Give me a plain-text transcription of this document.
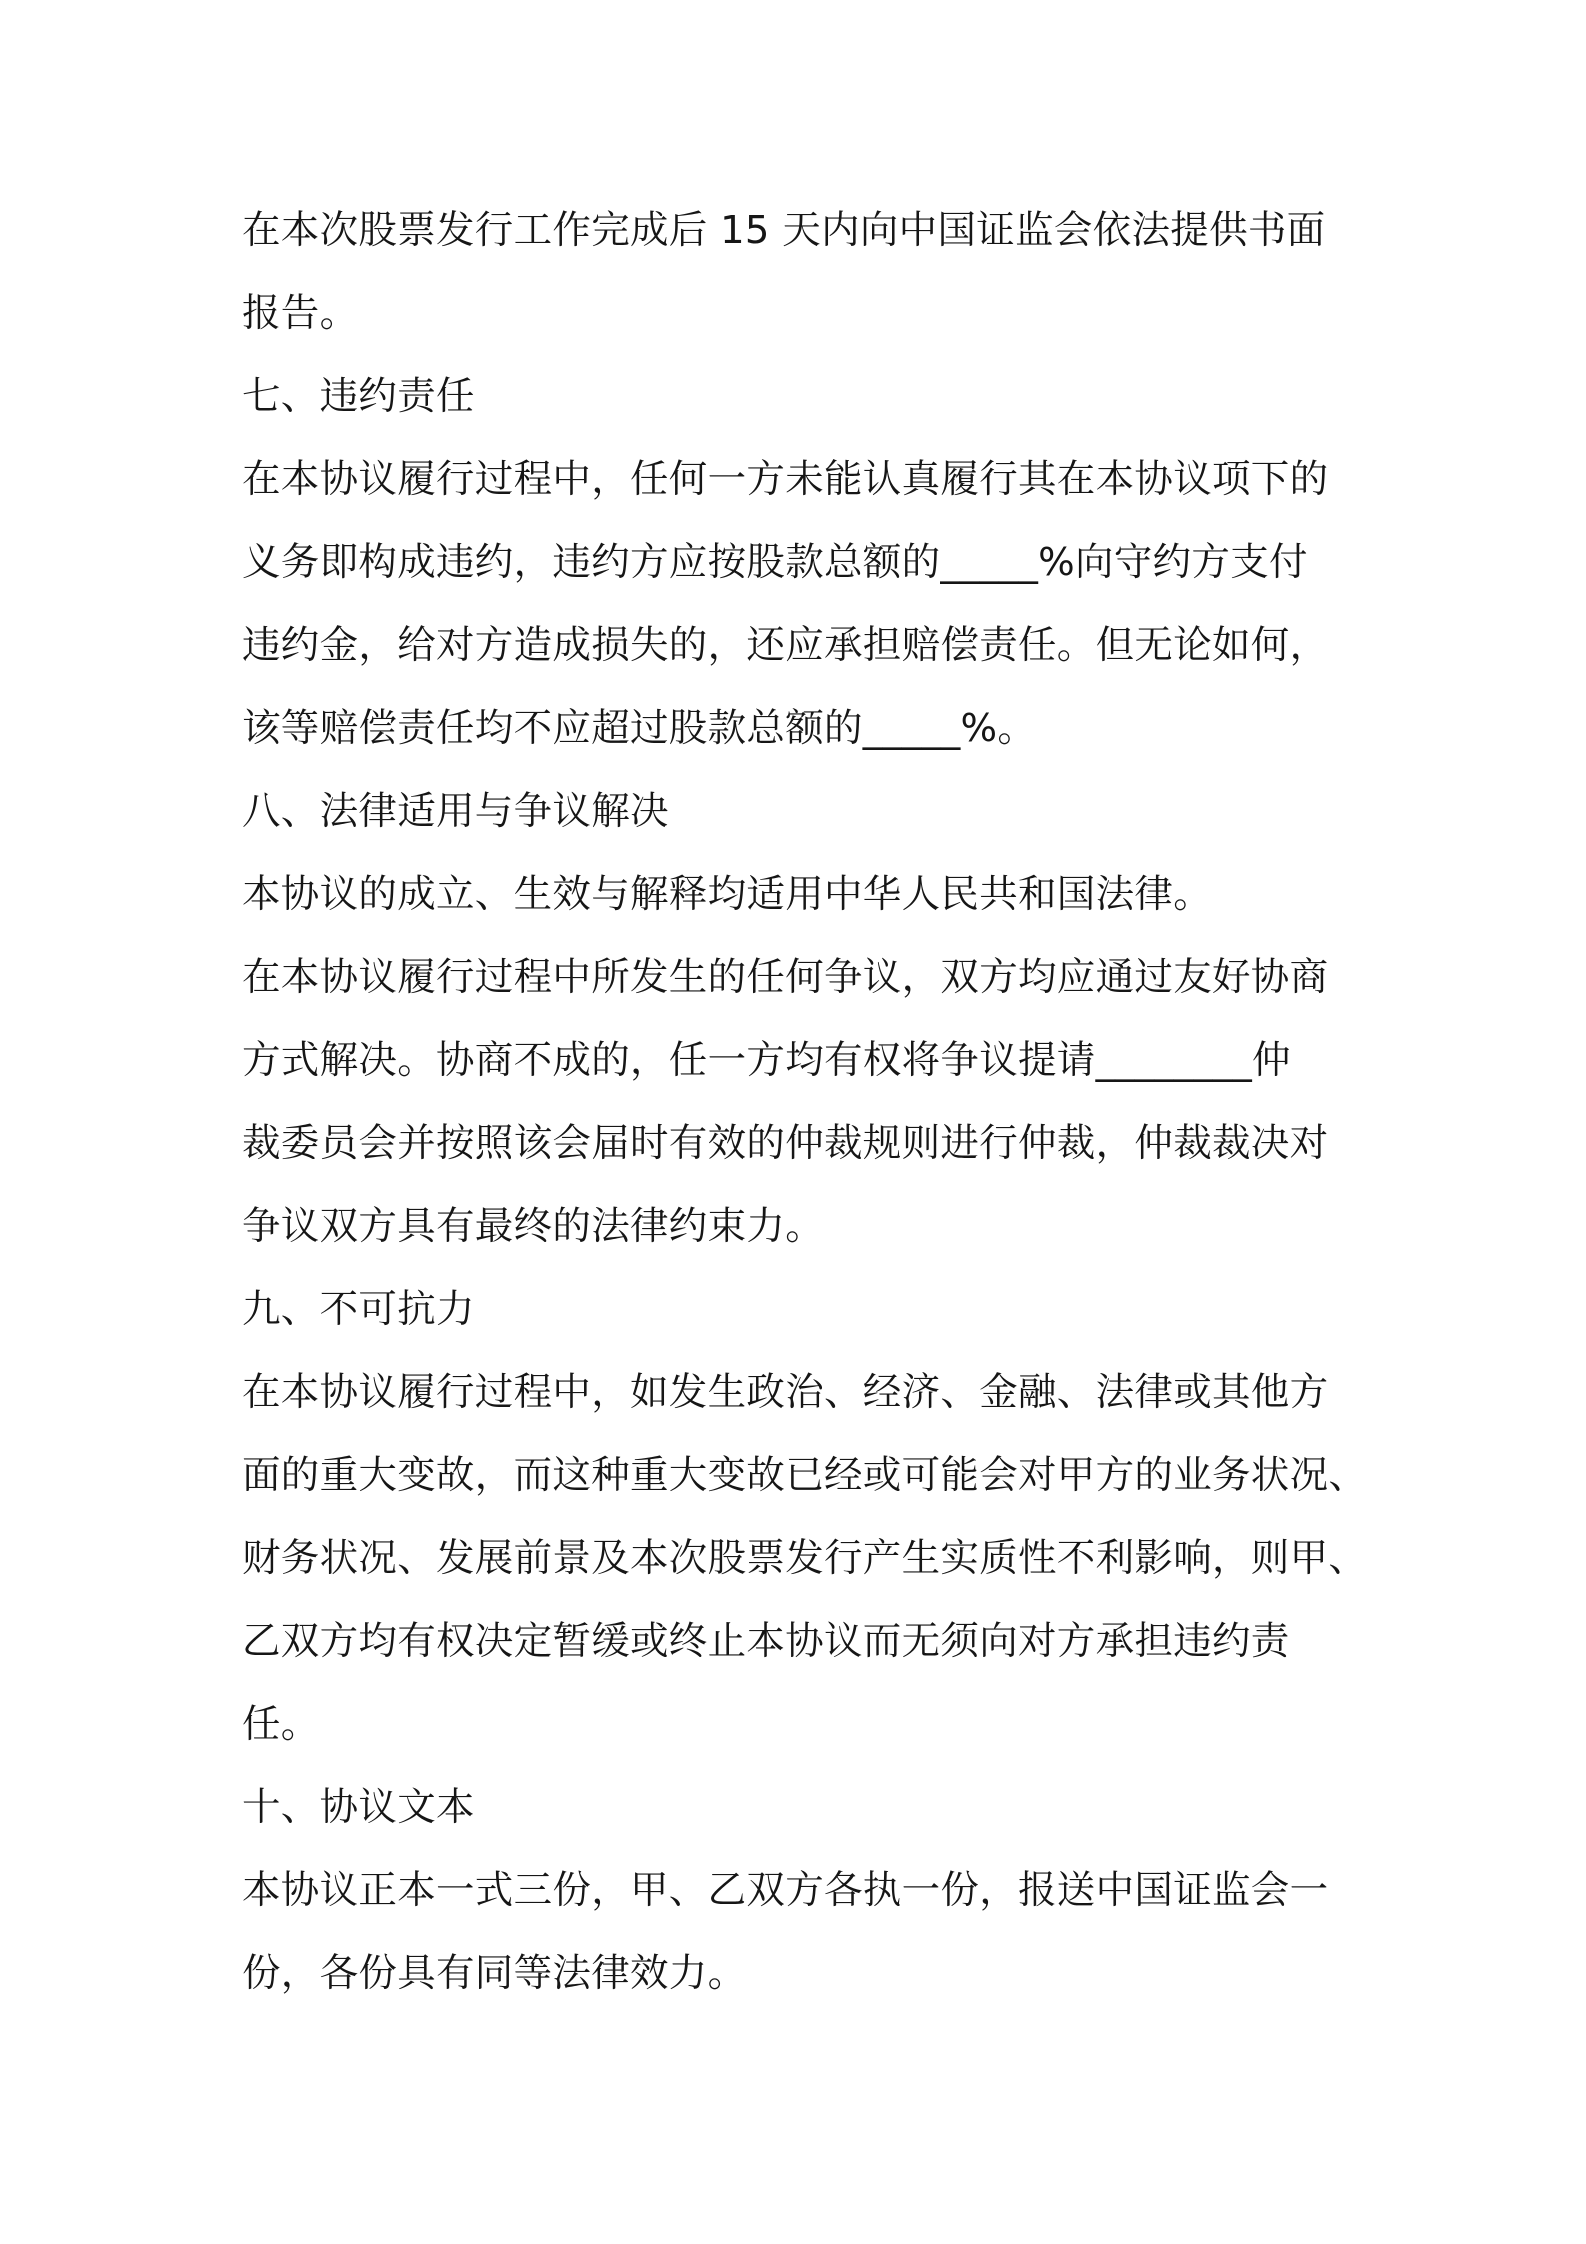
在本次股票发行工作完成后 15 天内向中国证监会依法提供书面
报告。
七、违约责任
在本协议履行过程中，任何一方未能认真履行其在本协议项下的
义务即构成违约，违约方应按股款总额的_____%向守约方支付
违约金，给对方造成损失的，还应承担赔偿责任。但无论如何，
该等赔偿责任均不应超过股款总额的_____%。
八、法律适用与争议解决
本协议的成立、生效与解释均适用中华人民共和国法律。
在本协议履行过程中所发生的任何争议，双方均应通过友好协商
方式解决。协商不成的，任一方均有权将争议提请________仲
裁委员会并按照该会届时有效的仲裁规则进行仲裁，仲裁裁决对
争议双方具有最终的法律约束力。
九、不可抗力
在本协议履行过程中，如发生政治、经济、金融、法律或其他方
面的重大变故，而这种重大变故已经或可能会对甲方的业务状况、
财务状况、发展前景及本次股票发行产生实质性不利影响，则甲、
乙双方均有权决定暂缓或终止本协议而无须向对方承担违约责
任。
十、协议文本
本协议正本一式三份，甲、乙双方各执一份，报送中国证监会一
份，各份具有同等法律效力。
